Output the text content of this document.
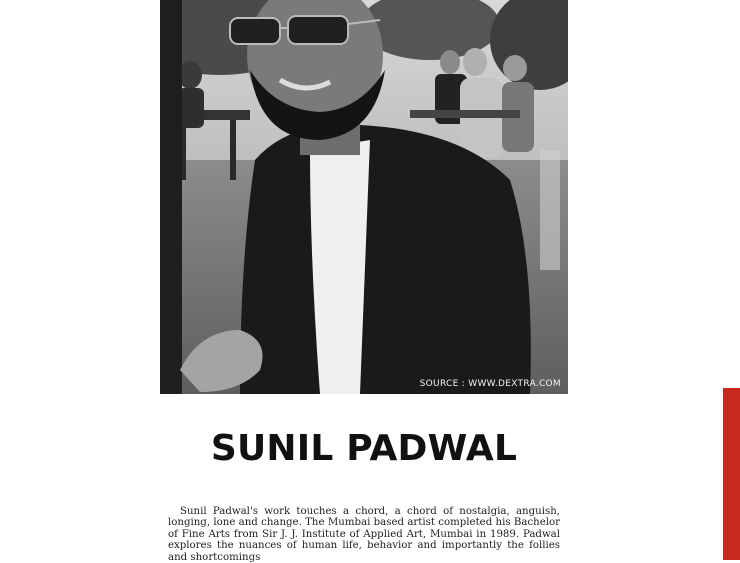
SOURCE : WWW.DEXTRA.COM
SUNIL PADWAL

Sunil Padwal's work touches a chord, a chord of nostalgia, anguish, longing, lone and change. The Mumbai based artist completed his Bachelor of Fine Arts from Sir J. J. Institute of Applied Art, Mumbai in 1989. Padwal explores the nuances of human life, behavior and importantly the follies and shortcomings
